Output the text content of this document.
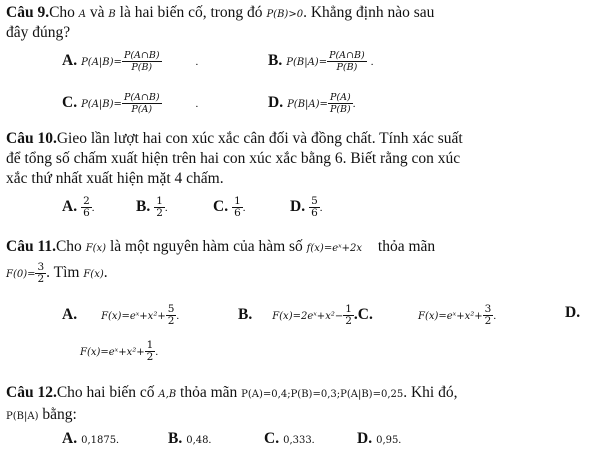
Câu 9.Cho A và B là hai biến cố, trong đó P(B)>0. Khẳng định nào sau
đây đúng?
A. $P(A|B)= \frac{P(A\cap B)}{P(B)}$	.	B. $P(B|A)= \frac{P(A\cap B)}{P(B)}$ .
C. $P(A|B)= \frac{P(A\cap B)}{P(A)}$	.	D. $P(B|A)= \frac{P(A)}{P(B)}$ .
Câu 10.Gieo lần lượt hai con xúc xắc cân đối và đồng chất. Tính xác suất
để tổng số chấm xuất hiện trên hai con xúc xắc bằng 6. Biết rằng con xúc
xắc thứ nhất xuất hiện mặt 4 chấm.
A. $\frac{2}{6}$ .	B. $\frac{1}{2}$ .	C. $\frac{1}{6}$ .	D. $\frac{5}{6}$ .
Câu 11.Cho F(x) là một nguyên hàm của hàm số f(x)=eˣ+2x thỏa mãn
$F(0)= \frac{3}{2}$ . Tìm F(x).
A. F(x)=eˣ+x²+ $\frac{5}{2}$ .	B. F(x)=2eˣ+x²− $\frac{1}{2} .C$.	F(x)=eˣ+x²+ $\frac{3}{2}$ .	D.
F(x)=eˣ+x²+ $\frac{1}{2}$ .
Câu 12.Cho hai biến cố A,B thỏa mãn P(A)=0,4;P(B)=0,3;P(A|B)=0,25. Khi đó,
P(B|A) bằng:
A. 0,1875.	B. 0,48.	C. 0,333.	D. 0,95.
